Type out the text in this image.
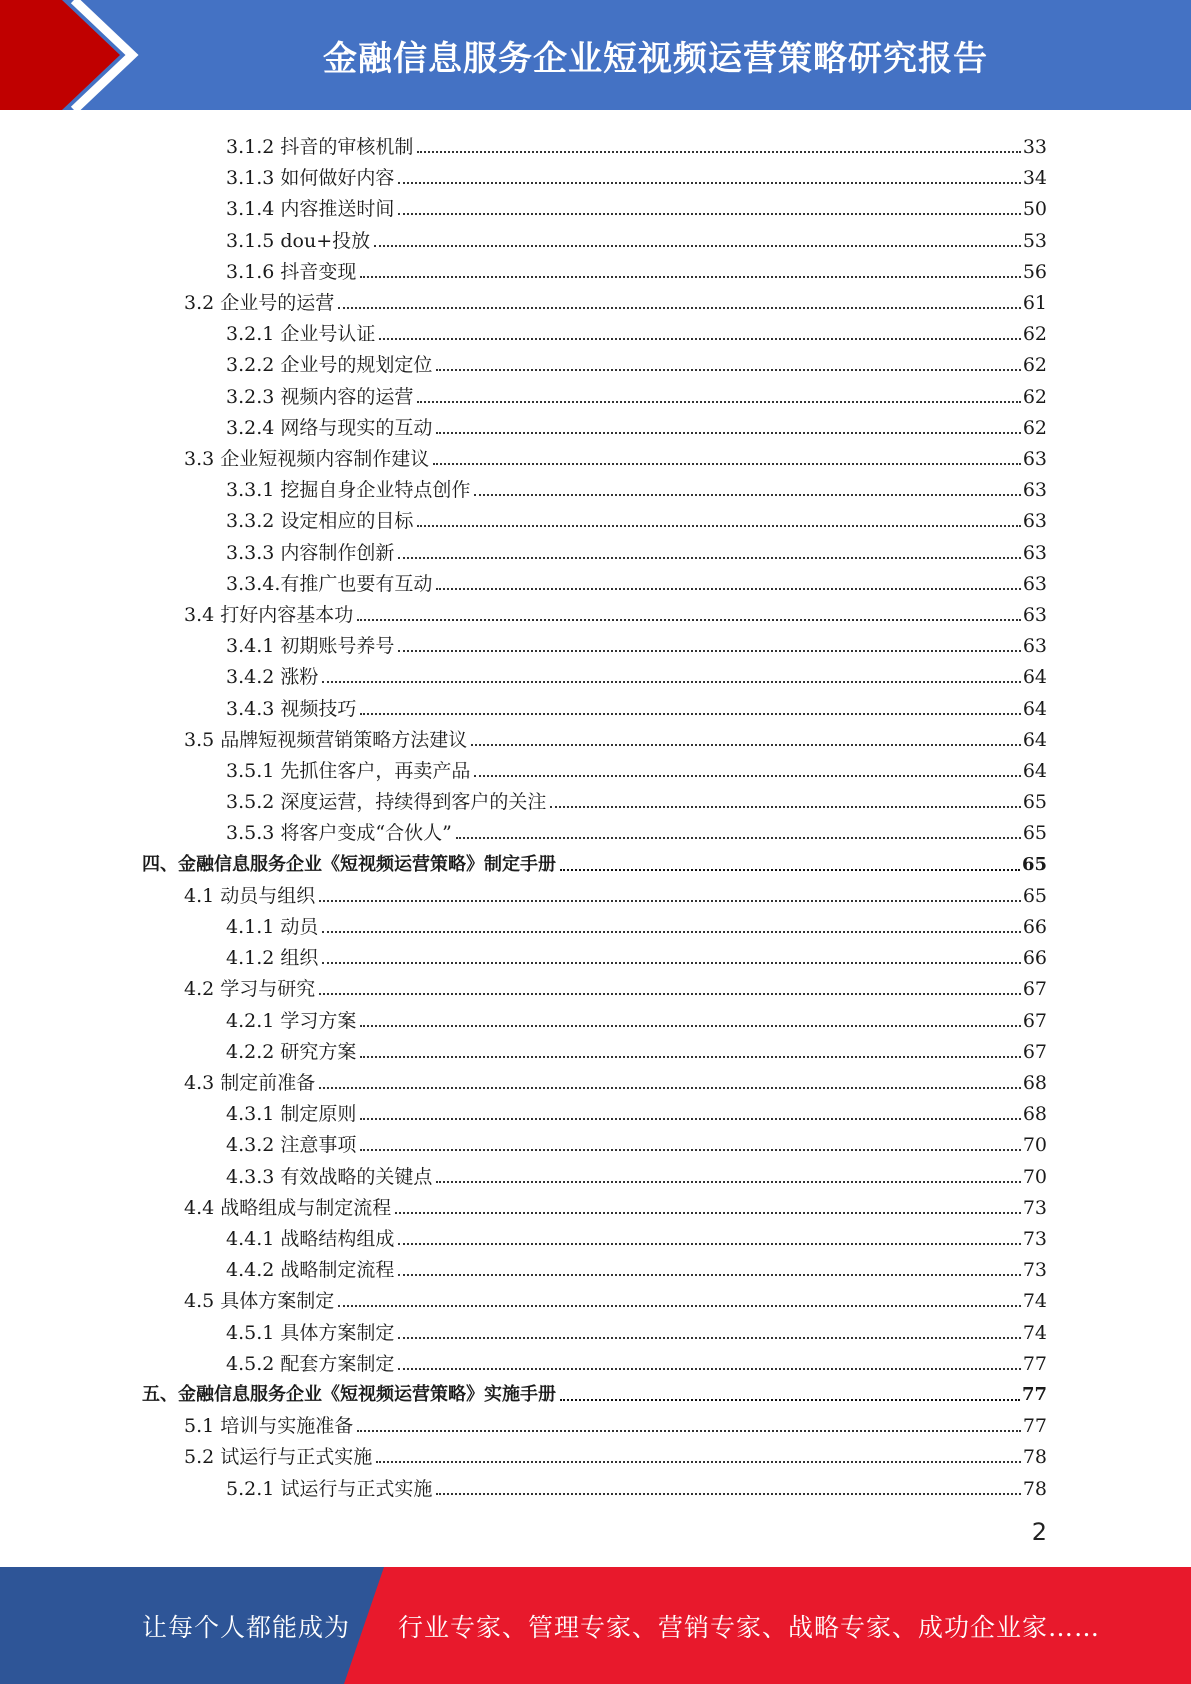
金融信息服务企业短视频运营策略研究报告
3.1.2 抖音的审核机制	33
3.1.3 如何做好内容	34
3.1.4 内容推送时间	50
3.1.5 dou+投放	53
3.1.6 抖音变现	56
3.2 企业号的运营	61
3.2.1 企业号认证	62
3.2.2 企业号的规划定位	62
3.2.3 视频内容的运营	62
3.2.4 网络与现实的互动	62
3.3 企业短视频内容制作建议	63
3.3.1 挖掘自身企业特点创作	63
3.3.2 设定相应的目标	63
3.3.3 内容制作创新	63
3.3.4.有推广也要有互动	63
3.4 打好内容基本功	63
3.4.1 初期账号养号	63
3.4.2 涨粉	64
3.4.3 视频技巧	64
3.5 品牌短视频营销策略方法建议	64
3.5.1 先抓住客户，再卖产品	64
3.5.2 深度运营，持续得到客户的关注	65
3.5.3 将客户变成“合伙人”	65
四、金融信息服务企业《短视频运营策略》制定手册	65
4.1 动员与组织	65
4.1.1 动员	66
4.1.2 组织	66
4.2 学习与研究	67
4.2.1 学习方案	67
4.2.2 研究方案	67
4.3 制定前准备	68
4.3.1 制定原则	68
4.3.2 注意事项	70
4.3.3 有效战略的关键点	70
4.4 战略组成与制定流程	73
4.4.1 战略结构组成	73
4.4.2 战略制定流程	73
4.5 具体方案制定	74
4.5.1 具体方案制定	74
4.5.2 配套方案制定	77
五、金融信息服务企业《短视频运营策略》实施手册	77
5.1 培训与实施准备	77
5.2 试运行与正式实施	78
5.2.1 试运行与正式实施	78
2
让每个人都能成为 行业专家、管理专家、营销专家、战略专家、成功企业家……
